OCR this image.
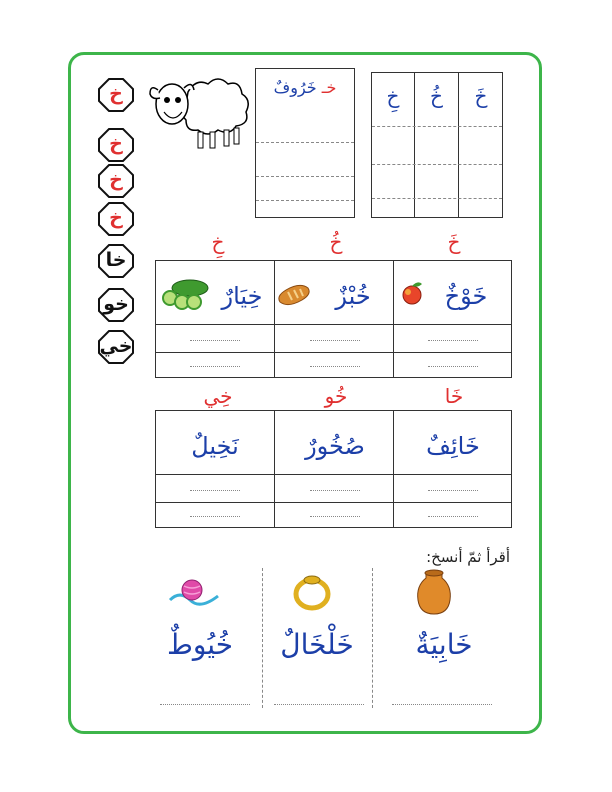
خ
خ
خ
خ
خا
خو
خي
خـ خَرُوفٌ	خِ	خُ	خَ
خِ	خُ	خَ
خِيَارٌ	خُبْزٌ	خَوْخٌ
خِي	خُو	خَا
نَخِيلٌ	صُخُورٌ	خَائِفٌ
أقرأ ثمّ أنسخ:
خُيُوطٌ	خَلْخَالٌ	خَابِيَةٌ
